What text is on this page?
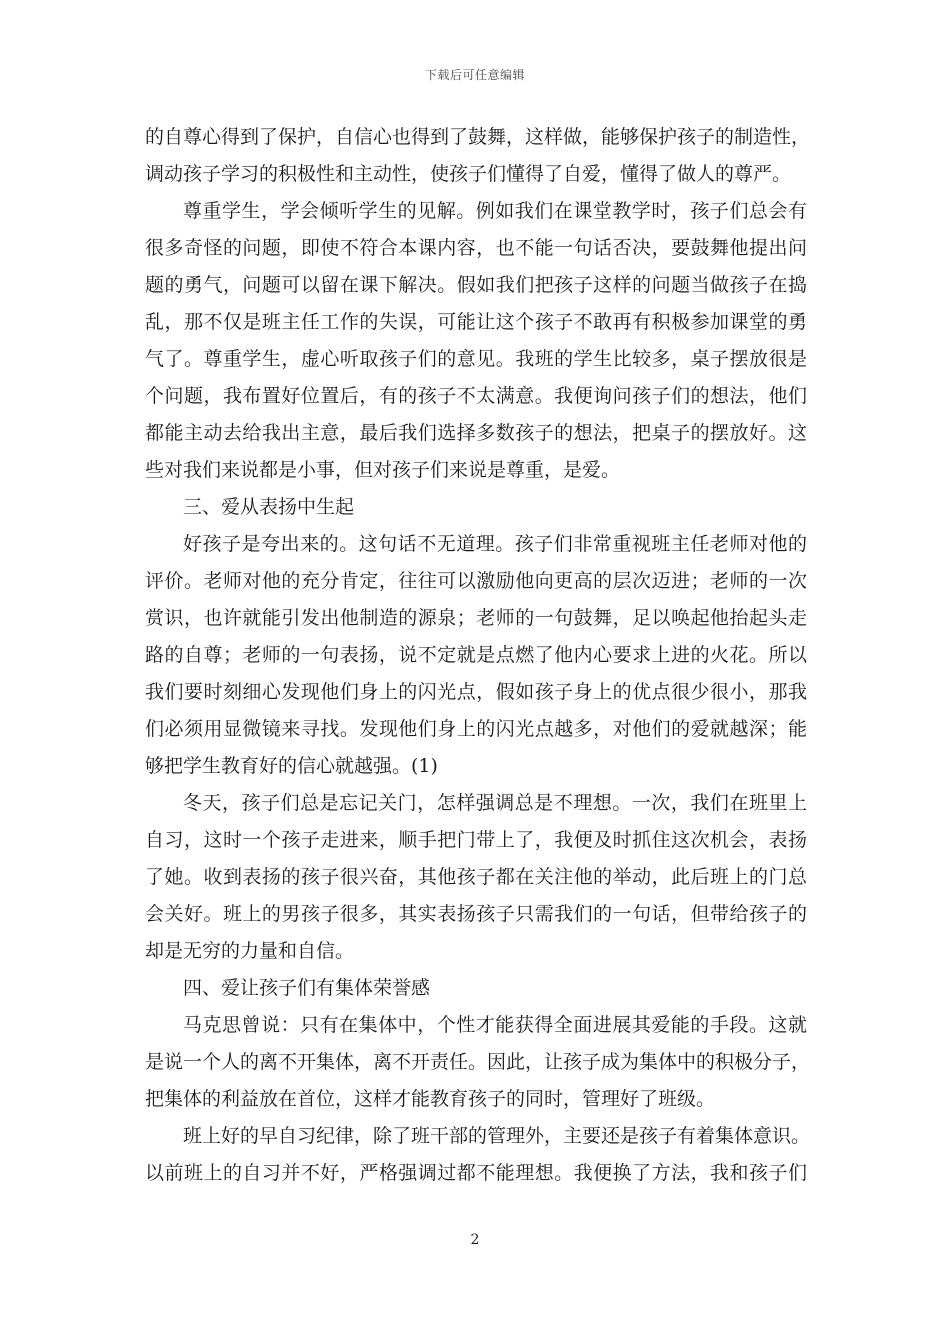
下载后可任意编辑
的自尊心得到了保护，自信心也得到了鼓舞，这样做，能够保护孩子的制造性，
调动孩子学习的积极性和主动性，使孩子们懂得了自爱，懂得了做人的尊严。
尊重学生，学会倾听学生的见解。例如我们在课堂教学时，孩子们总会有
很多奇怪的问题，即使不符合本课内容，也不能一句话否决，要鼓舞他提出问
题的勇气，问题可以留在课下解决。假如我们把孩子这样的问题当做孩子在捣
乱，那不仅是班主任工作的失误，可能让这个孩子不敢再有积极参加课堂的勇
气了。尊重学生，虚心听取孩子们的意见。我班的学生比较多，桌子摆放很是
个问题，我布置好位置后，有的孩子不太满意。我便询问孩子们的想法，他们
都能主动去给我出主意，最后我们选择多数孩子的想法，把桌子的摆放好。这
些对我们来说都是小事，但对孩子们来说是尊重，是爱。
三、爱从表扬中生起
好孩子是夸出来的。这句话不无道理。孩子们非常重视班主任老师对他的
评价。老师对他的充分肯定，往往可以激励他向更高的层次迈进；老师的一次
赏识，也许就能引发出他制造的源泉；老师的一句鼓舞，足以唤起他抬起头走
路的自尊；老师的一句表扬，说不定就是点燃了他内心要求上进的火花。所以
我们要时刻细心发现他们身上的闪光点，假如孩子身上的优点很少很小，那我
们必须用显微镜来寻找。发现他们身上的闪光点越多，对他们的爱就越深；能
够把学生教育好的信心就越强。(1)
冬天，孩子们总是忘记关门，怎样强调总是不理想。一次，我们在班里上
自习，这时一个孩子走进来，顺手把门带上了，我便及时抓住这次机会，表扬
了她。收到表扬的孩子很兴奋，其他孩子都在关注他的举动，此后班上的门总
会关好。班上的男孩子很多，其实表扬孩子只需我们的一句话，但带给孩子的
却是无穷的力量和自信。
四、爱让孩子们有集体荣誉感
马克思曾说：只有在集体中，个性才能获得全面进展其爱能的手段。这就
是说一个人的离不开集体，离不开责任。因此，让孩子成为集体中的积极分子，
把集体的利益放在首位，这样才能教育孩子的同时，管理好了班级。
班上好的早自习纪律，除了班干部的管理外，主要还是孩子有着集体意识。
以前班上的自习并不好，严格强调过都不能理想。我便换了方法，我和孩子们
2
